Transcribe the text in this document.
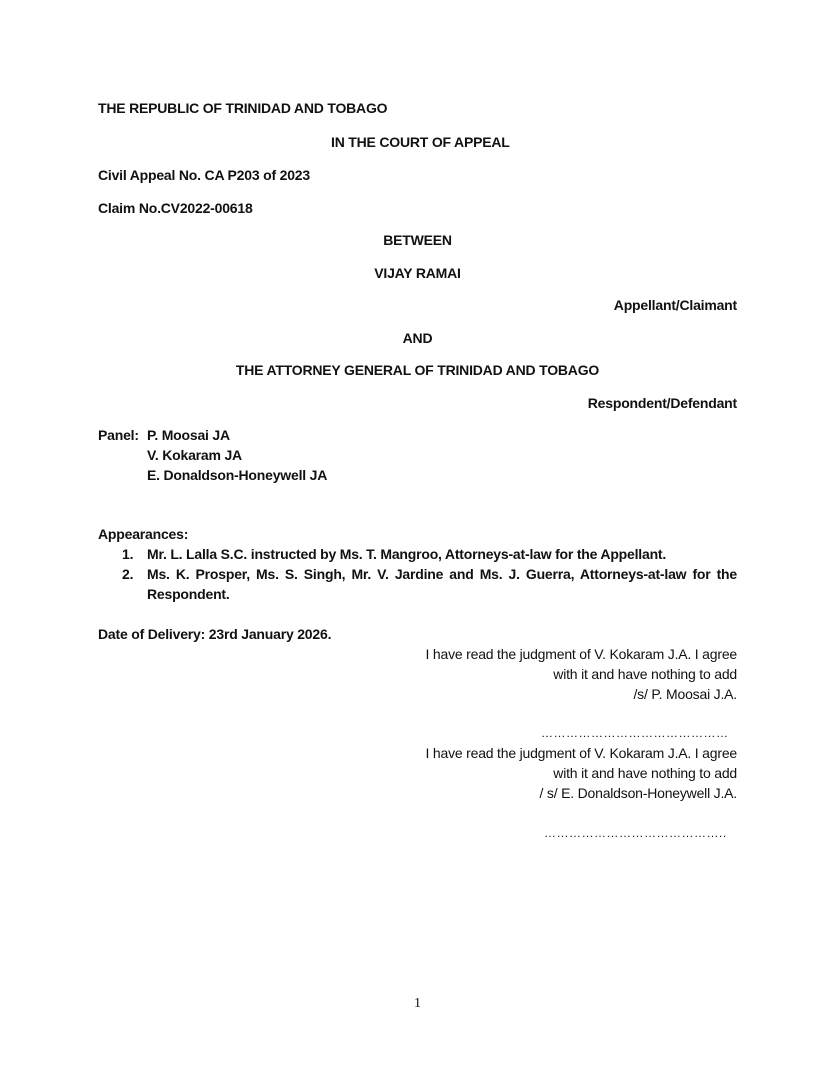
THE REPUBLIC OF TRINIDAD AND TOBAGO
IN THE COURT OF APPEAL
Civil Appeal No. CA P203 of 2023
Claim No.CV2022-00618
BETWEEN
VIJAY RAMAI
Appellant/Claimant
AND
THE ATTORNEY GENERAL OF TRINIDAD AND TOBAGO
Respondent/Defendant
Panel: P. Moosai JA
V. Kokaram JA
E. Donaldson-Honeywell JA
Appearances:
1. Mr. L. Lalla S.C. instructed by Ms. T. Mangroo, Attorneys-at-law for the Appellant.
2. Ms. K. Prosper, Ms. S. Singh, Mr. V. Jardine and Ms. J. Guerra, Attorneys-at-law for the
Respondent.
Date of Delivery: 23rd January 2026.
I have read the judgment of V. Kokaram J.A. I agree
with it and have nothing to add
/s/ P. Moosai J.A.
………………………………………
I have read the judgment of V. Kokaram J.A. I agree
with it and have nothing to add
/ s/ E. Donaldson-Honeywell J.A.
……………………………………..
1
